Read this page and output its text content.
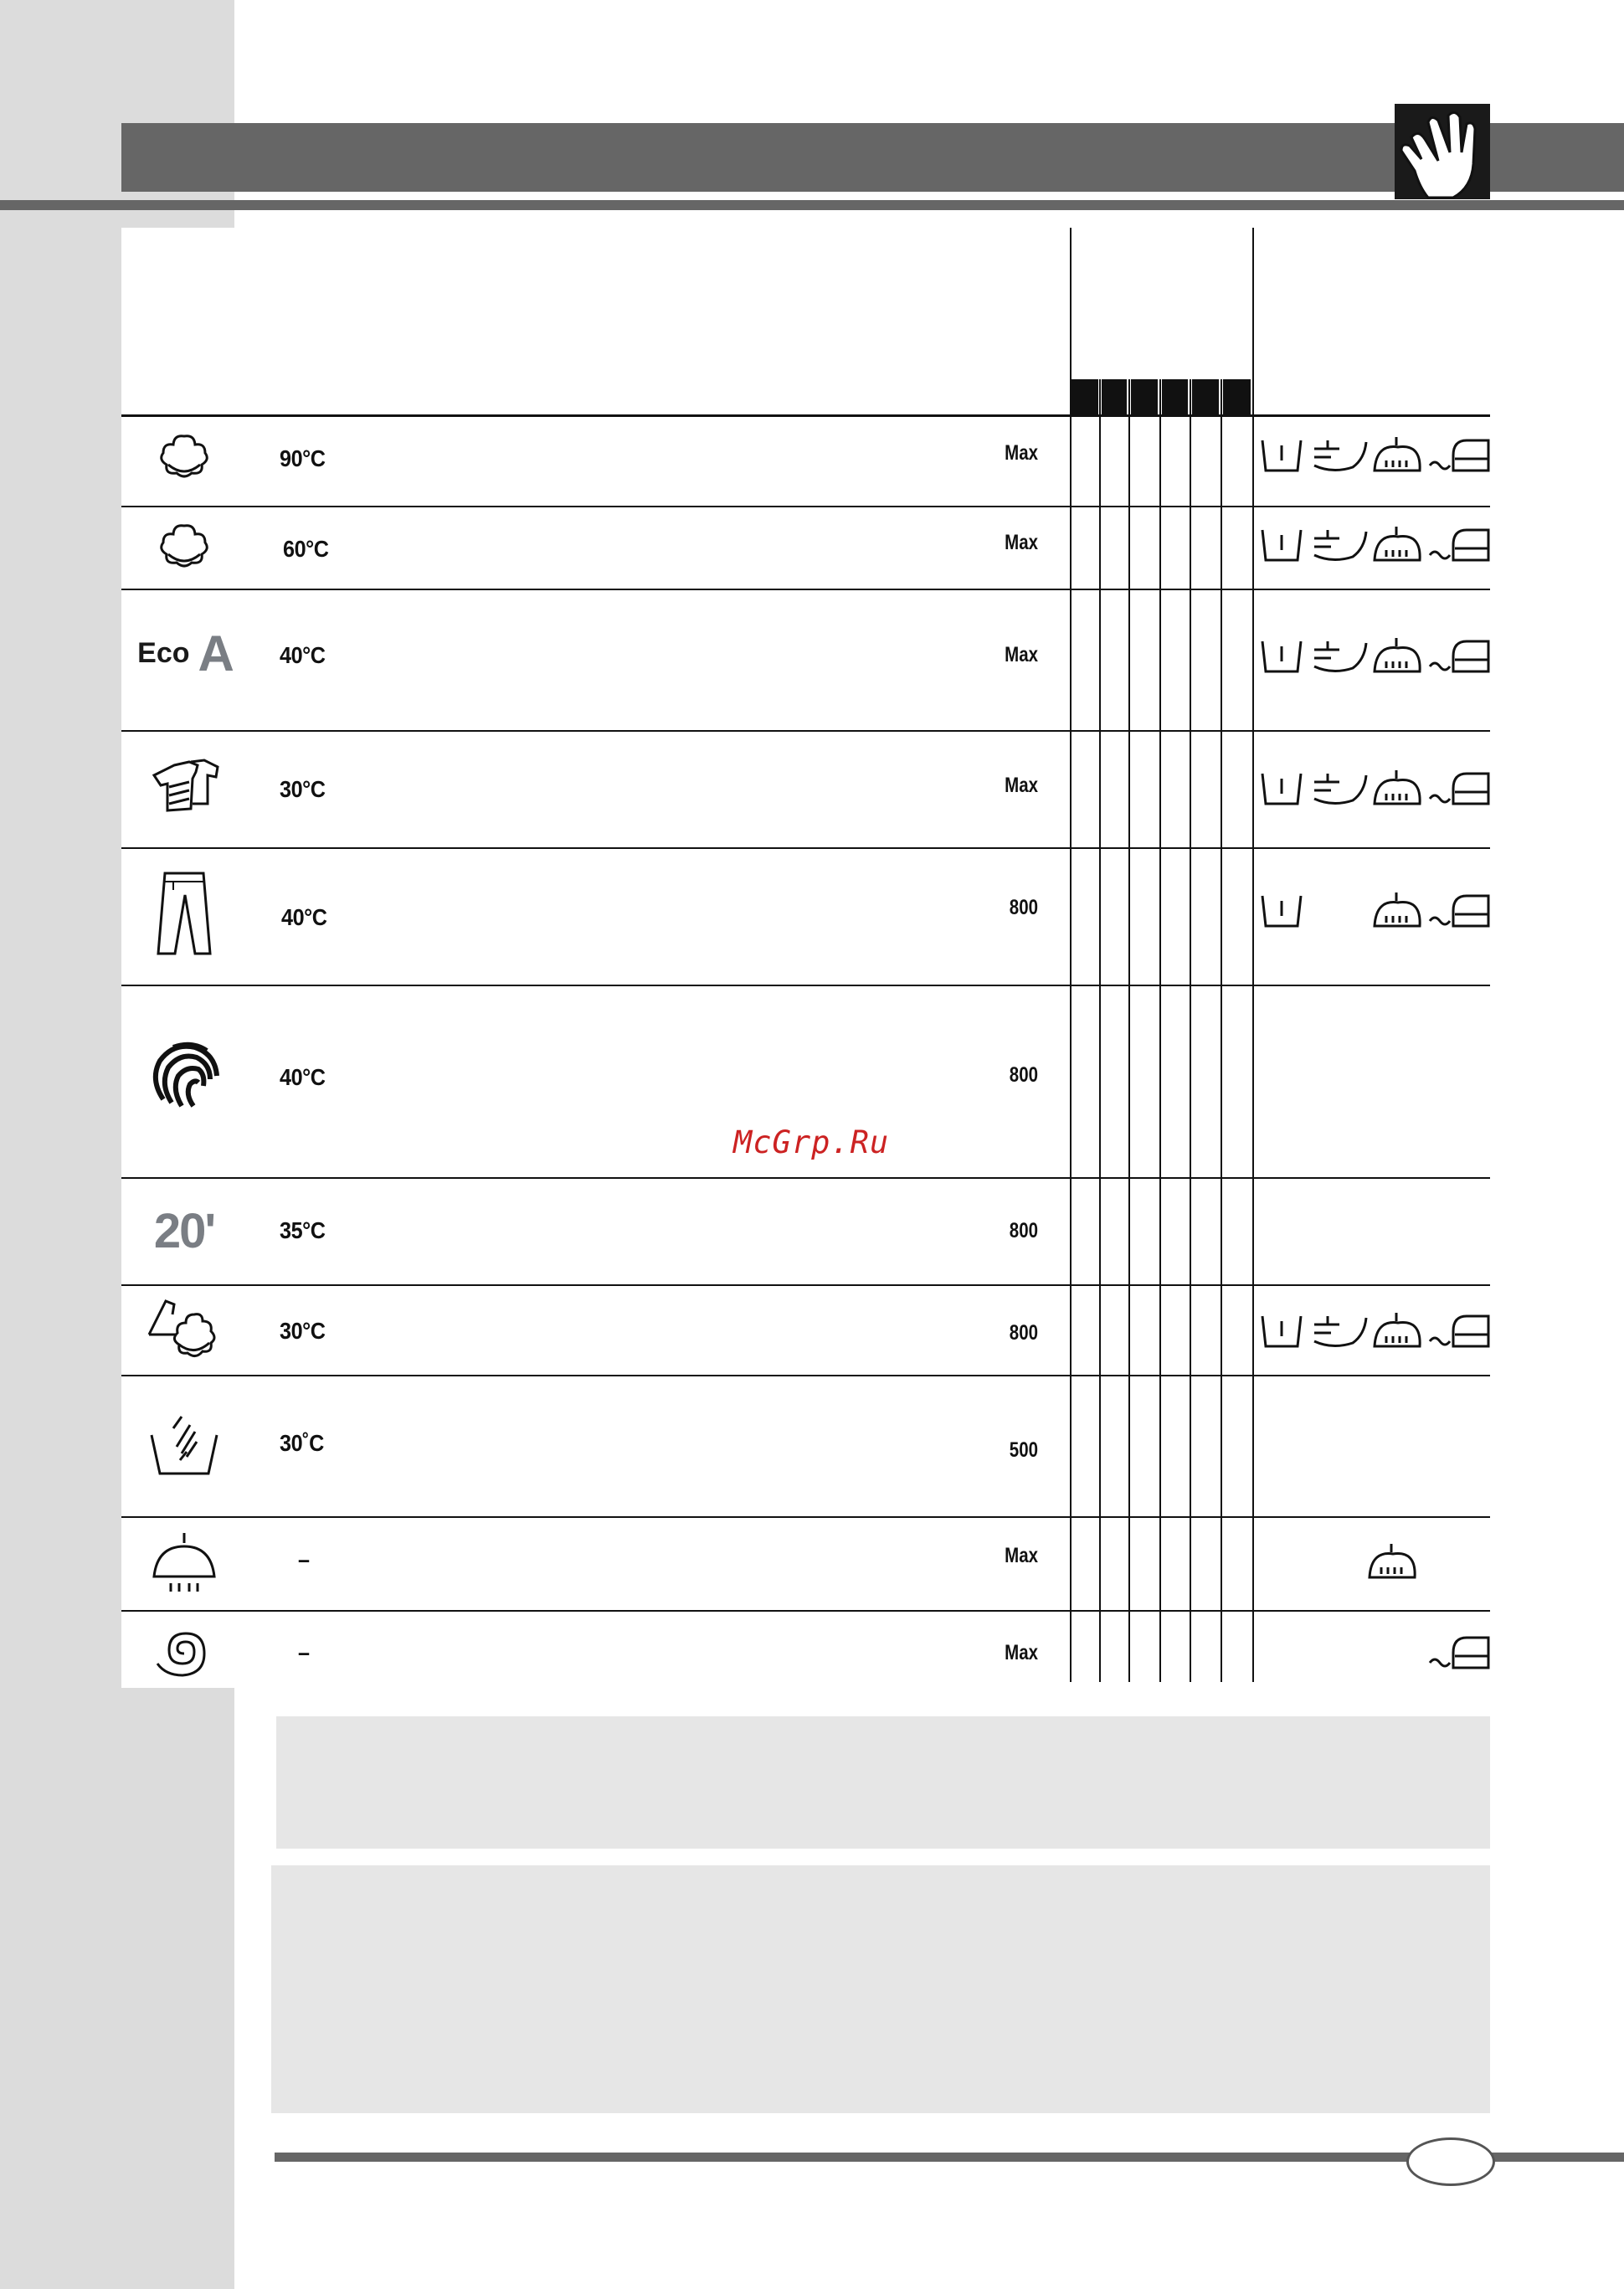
90°C	Max
60°C	Max
Eco A 40°C	Max
30°C	Max
40°C	800
40°C	800
20'	35°C	800
30°C	800
30˚C	500
–	Max
–	Max
McGrp.Ru
